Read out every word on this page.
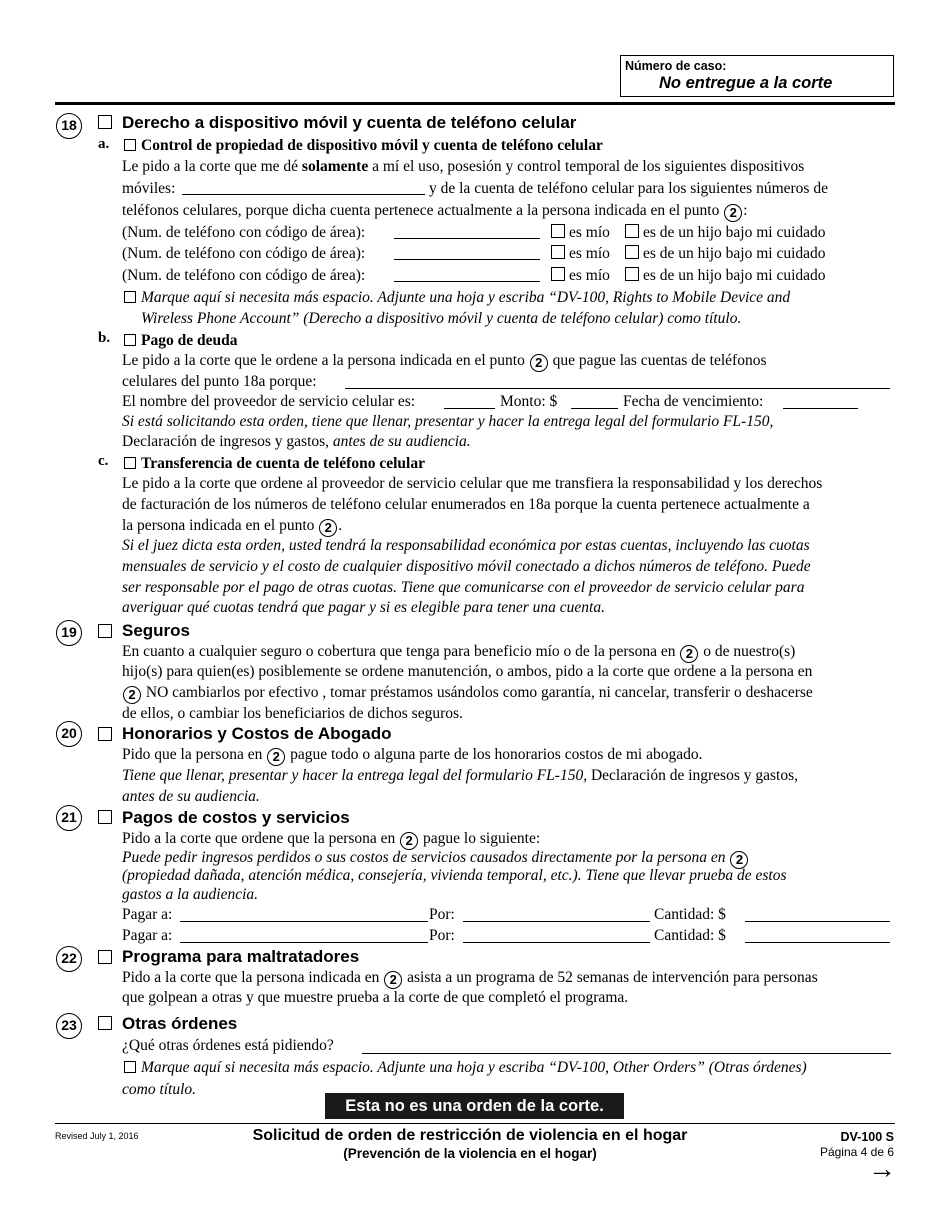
Número de caso:
No entregue a la corte
18	Derecho a dispositivo móvil y cuenta de teléfono celular
a. Control de propiedad de dispositivo móvil y cuenta de teléfono celular
Le pido a la corte que me dé solamente a mí el uso, posesión y control temporal de los siguientes dispositivos
móviles:	y de la cuenta de teléfono celular para los siguientes números de
teléfonos celulares, porque dicha cuenta pertenece actualmente a la persona indicada en el punto 2 :
(Num. de teléfono con código de área):	es mío es de un hijo bajo mi cuidado
(Num. de teléfono con código de área):	es mío es de un hijo bajo mi cuidado
(Num. de teléfono con código de área):	es mío es de un hijo bajo mi cuidado
Marque aquí si necesita más espacio. Adjunte una hoja y escriba “DV-100, Rights to Mobile Device and
Wireless Phone Account” (Derecho a dispositivo móvil y cuenta de teléfono celular) como título.
b. Pago de deuda
Le pido a la corte que le ordene a la persona indicada en el punto 2 que pague las cuentas de teléfonos
celulares del punto 18a porque:
El nombre del proveedor de servicio celular es:	Monto: $	Fecha de vencimiento:
Si está solicitando esta orden, tiene que llenar, presentar y hacer la entrega legal del formulario FL-150,
Declaración de ingresos y gastos, antes de su audiencia.
c. Transferencia de cuenta de teléfono celular
Le pido a la corte que ordene al proveedor de servicio celular que me transfiera la responsabilidad y los derechos
de facturación de los números de teléfono celular enumerados en 18a porque la cuenta pertenece actualmente a
la persona indicada en el punto 2 .
Si el juez dicta esta orden, usted tendrá la responsabilidad económica por estas cuentas, incluyendo las cuotas
mensuales de servicio y el costo de cualquier dispositivo móvil conectado a dichos números de teléfono. Puede
ser responsable por el pago de otras cuotas. Tiene que comunicarse con el proveedor de servicio celular para
averiguar qué cuotas tendrá que pagar y si es elegible para tener una cuenta.
19	Seguros
En cuanto a cualquier seguro o cobertura que tenga para beneficio mío o de la persona en 2 o de nuestro(s)
hijo(s) para quien(es) posiblemente se ordene manutención, o ambos, pido a la corte que ordene a la persona en
2 NO cambiarlos por efectivo , tomar préstamos usándolos como garantía, ni cancelar, transferir o deshacerse
de ellos, o cambiar los beneficiarios de dichos seguros.
20	Honorarios y Costos de Abogado
Pido que la persona en 2 pague todo o alguna parte de los honorarios costos de mi abogado.
Tiene que llenar, presentar y hacer la entrega legal del formulario FL-150, Declaración de ingresos y gastos,
antes de su audiencia.
21	Pagos de costos y servicios
Pido a la corte que ordene que la persona en 2 pague lo siguiente:
Puede pedir ingresos perdidos o sus costos de servicios causados directamente por la persona en 2
(propiedad dañada, atención médica, consejería, vivienda temporal, etc.). Tiene que llevar prueba de estos
gastos a la audiencia.
Pagar a:	Por:	Cantidad: $
Pagar a:	Por:	Cantidad: $
22	Programa para maltratadores
Pido a la corte que la persona indicada en 2 asista a un programa de 52 semanas de intervención para personas
que golpean a otras y que muestre prueba a la corte de que completó el programa.
23	Otras órdenes
¿Qué otras órdenes está pidiendo?
Marque aquí si necesita más espacio. Adjunte una hoja y escriba “DV-100, Other Orders” (Otras órdenes)
como título.
Esta no es una orden de la corte.
Revised July 1, 2016	Solicitud de orden de restricción de violencia en el hogar
(Prevención de la violencia en el hogar)
DV-100 S
Página 4 de 6
→
